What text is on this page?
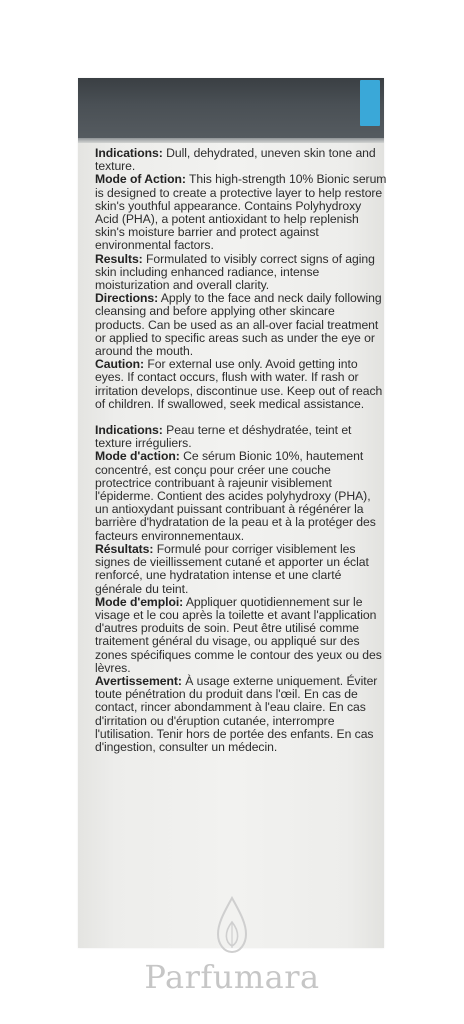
Indications: Dull, dehydrated, uneven skin tone and texture.
Mode of Action: This high-strength 10% Bionic serum is designed to create a protective layer to help restore skin's youthful appearance. Contains Polyhydroxy Acid (PHA), a potent antioxidant to help replenish skin's moisture barrier and protect against environmental factors.
Results: Formulated to visibly correct signs of aging skin including enhanced radiance, intense moisturization and overall clarity.
Directions: Apply to the face and neck daily following cleansing and before applying other skincare products. Can be used as an all-over facial treatment or applied to specific areas such as under the eye or around the mouth.
Caution: For external use only. Avoid getting into eyes. If contact occurs, flush with water. If rash or irritation develops, discontinue use. Keep out of reach of children. If swallowed, seek medical assistance.
Indications: Peau terne et déshydratée, teint et texture irréguliers.
Mode d'action: Ce sérum Bionic 10%, hautement concentré, est conçu pour créer une couche protectrice contribuant à rajeunir visiblement l'épiderme. Contient des acides polyhydroxy (PHA), un antioxydant puissant contribuant à régénérer la barrière d'hydratation de la peau et à la protéger des facteurs environnementaux.
Résultats: Formulé pour corriger visiblement les signes de vieillissement cutané et apporter un éclat renforcé, une hydratation intense et une clarté générale du teint.
Mode d'emploi: Appliquer quotidiennement sur le visage et le cou après la toilette et avant l'application d'autres produits de soin. Peut être utilisé comme traitement général du visage, ou appliqué sur des zones spécifiques comme le contour des yeux ou des lèvres.
Avertissement: À usage externe uniquement. Éviter toute pénétration du produit dans l'œil. En cas de contact, rincer abondamment à l'eau claire. En cas d'irritation ou d'éruption cutanée, interrompre l'utilisation. Tenir hors de portée des enfants. En cas d'ingestion, consulter un médecin.
Parfumara
